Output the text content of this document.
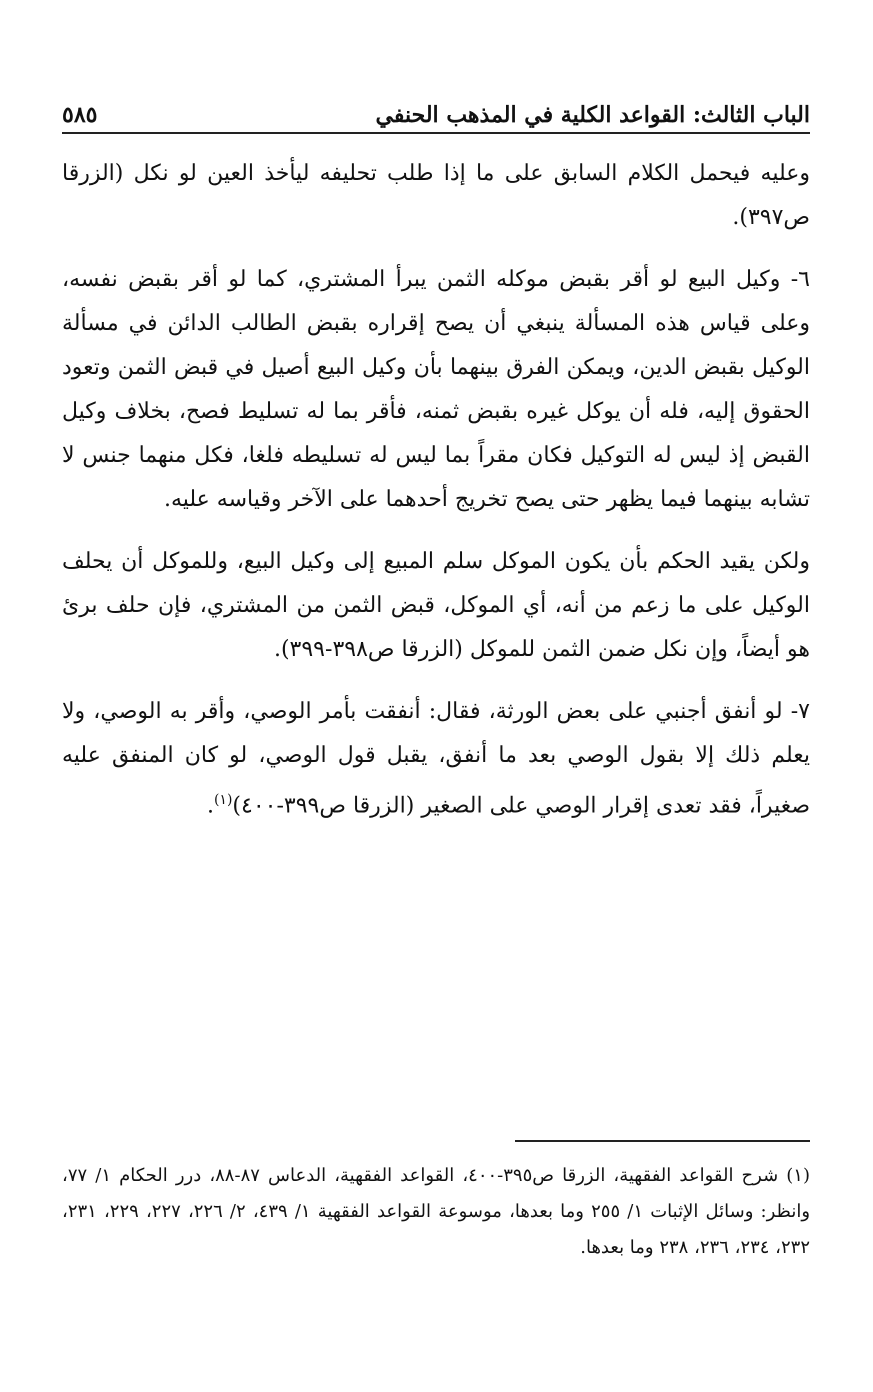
الباب الثالث: القواعد الكلية في المذهب الحنفي
٥٨٥

وعليه فيحمل الكلام السابق على ما إذا طلب تحليفه ليأخذ العين لو نكل (الزرقا ص٣٩٧).

٦- وكيل البيع لو أقر بقبض موكله الثمن يبرأ المشتري، كما لو أقر بقبض نفسه، وعلى قياس هذه المسألة ينبغي أن يصح إقراره بقبض الطالب الدائن في مسألة الوكيل بقبض الدين، ويمكن الفرق بينهما بأن وكيل البيع أصيل في قبض الثمن وتعود الحقوق إليه، فله أن يوكل غيره بقبض ثمنه، فأقر بما له تسليط فصح، بخلاف وكيل القبض إذ ليس له التوكيل فكان مقراً بما ليس له تسليطه فلغا، فكل منهما جنس لا تشابه بينهما فيما يظهر حتى يصح تخريج أحدهما على الآخر وقياسه عليه.

ولكن يقيد الحكم بأن يكون الموكل سلم المبيع إلى وكيل البيع، وللموكل أن يحلف الوكيل على ما زعم من أنه، أي الموكل، قبض الثمن من المشتري، فإن حلف برئ هو أيضاً، وإن نكل ضمن الثمن للموكل (الزرقا ص٣٩٨-٣٩٩).

٧- لو أنفق أجنبي على بعض الورثة، فقال: أنفقت بأمر الوصي، وأقر به الوصي، ولا يعلم ذلك إلا بقول الوصي بعد ما أنفق، يقبل قول الوصي، لو كان المنفق عليه صغيراً، فقد تعدى إقرار الوصي على الصغير (الزرقا ص٣٩٩-٤٠٠)$^{(١)}$.

(١) شرح القواعد الفقهية، الزرقا ص٣٩٥-٤٠٠، القواعد الفقهية، الدعاس ٨٧-٨٨، درر الحكام ١/ ٧٧، وانظر: وسائل الإثبات ١/ ٢٥٥ وما بعدها، موسوعة القواعد الفقهية ١/ ٤٣٩، ٢/ ٢٢٦، ٢٢٧، ٢٢٩، ٢٣١، ٢٣٢، ٢٣٤، ٢٣٦، ٢٣٨ وما بعدها.
